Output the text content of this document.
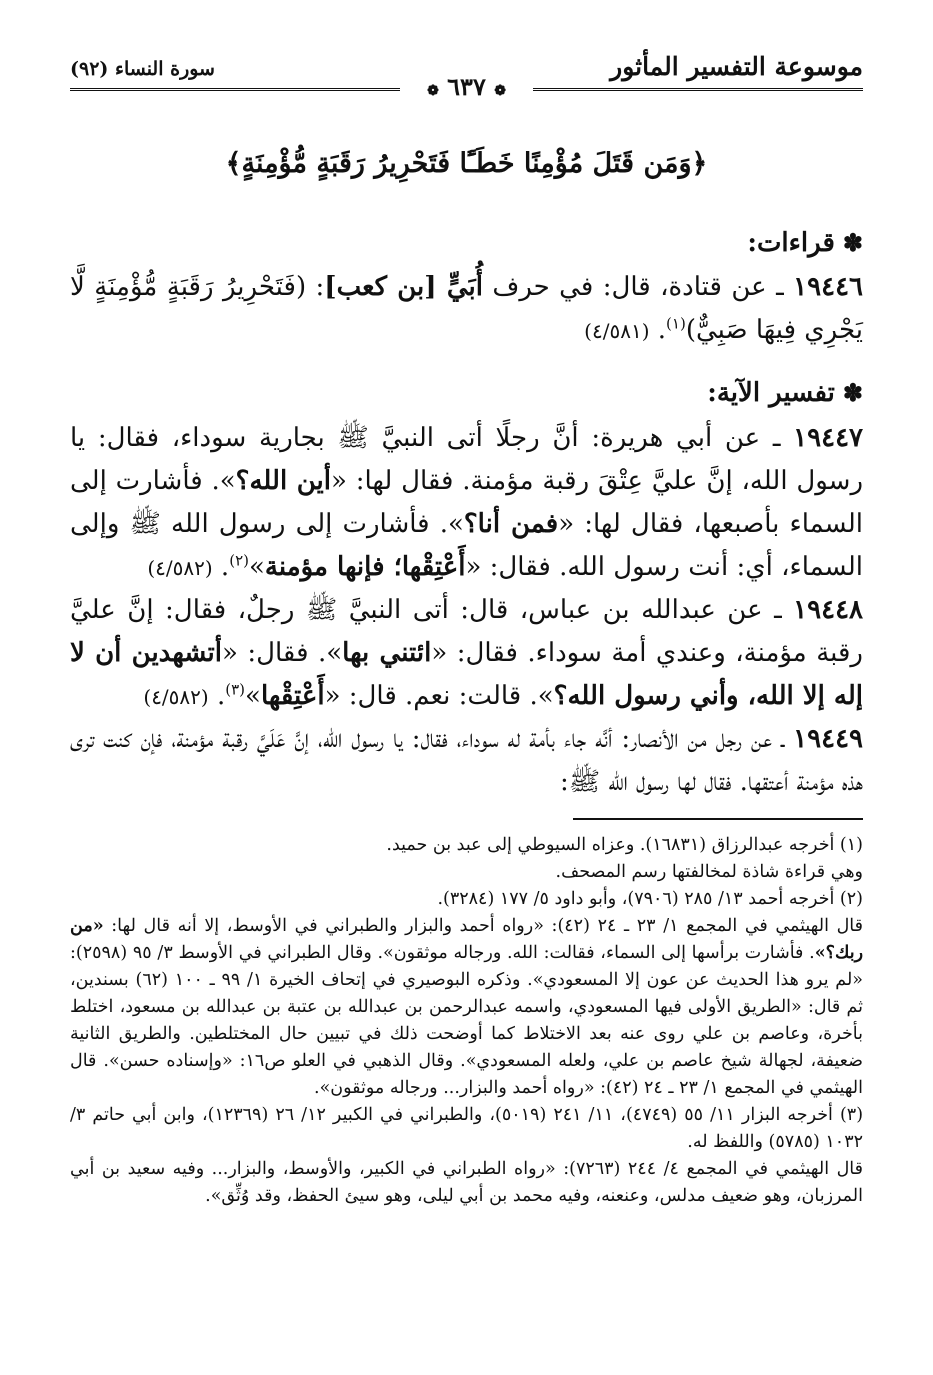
موسوعة التفسير المأثور
سورة النساء (٩٢)
❁ ٦٣٧ ❁
﴿وَمَن قَتَلَ مُؤْمِنًا خَطَـًٔا فَتَحْرِيرُ رَقَبَةٍ مُّؤْمِنَةٍ﴾
✽قراءات:
١٩٤٤٦ ـ عن قتادة، قال: في حرف أُبَيٍّ [بن كعب]: (فَتَحْرِيرُ رَقَبَةٍ مُّؤْمِنَةٍ لَّا يَجْرِي فِيهَا صَبِيٌّ)$^{(١)}$. (٤/٥٨١)
✽تفسير الآية:
١٩٤٤٧ ـ عن أبي هريرة: أنَّ رجلًا أتى النبيَّ ﷺ بجارية سوداء، فقال: يا رسول الله، إنَّ عليَّ عِتْقَ رقبة مؤمنة. فقال لها: «أين الله؟». فأشارت إلى السماء بأصبعها، فقال لها: «فمن أنا؟». فأشارت إلى رسول الله ﷺ وإلى السماء، أي: أنت رسول الله. فقال: «أَعْتِقْها؛ فإنها مؤمنة»$^{(٢)}$. (٤/٥٨٢)
١٩٤٤٨ ـ عن عبدالله بن عباس، قال: أتى النبيَّ ﷺ رجلٌ، فقال: إنَّ عليَّ رقبة مؤمنة، وعندي أمة سوداء. فقال: «ائتني بها». فقال: «أتشهدين أن لا إله إلا الله، وأني رسول الله؟». قالت: نعم. قال: «أَعْتِقْها»$^{(٣)}$. (٤/٥٨٢)
١٩٤٤٩ ـ عن رجل من الأنصار: أنَّه جاء بأمة له سوداء، فقال: يا رسول الله، إنَّ عَلَيَّ رقبة مؤمنة، فإن كنت ترى هذه مؤمنة أعتقها. فقال لها رسول الله ﷺ:
(١) أخرجه عبدالرزاق (١٦٨٣١). وعزاه السيوطي إلى عبد بن حميد.
وهي قراءة شاذة لمخالفتها رسم المصحف.
(٢) أخرجه أحمد ١٣/ ٢٨٥ (٧٩٠٦)، وأبو داود ٥/ ١٧٧ (٣٢٨٤).
قال الهيثمي في المجمع ١/ ٢٣ ـ ٢٤ (٤٢): «رواه أحمد والبزار والطبراني في الأوسط، إلا أنه قال لها: «من ربك؟». فأشارت برأسها إلى السماء، فقالت: الله. ورجاله موثقون». وقال الطبراني في الأوسط ٣/ ٩٥ (٢٥٩٨): «لم يرو هذا الحديث عن عون إلا المسعودي». وذكره البوصيري في إتحاف الخيرة ١/ ٩٩ ـ ١٠٠ (٦٢) بسندين، ثم قال: «الطريق الأولى فيها المسعودي، واسمه عبدالرحمن بن عبدالله بن عتبة بن عبدالله بن مسعود، اختلط بأخرة، وعاصم بن علي روى عنه بعد الاختلاط كما أوضحت ذلك في تبيين حال المختلطين. والطريق الثانية ضعيفة، لجهالة شيخ عاصم بن علي، ولعله المسعودي». وقال الذهبي في العلو ص١٦: «وإسناده حسن». قال الهيثمي في المجمع ١/ ٢٣ ـ ٢٤ (٤٢): «رواه أحمد والبزار... ورجاله موثقون».
(٣) أخرجه البزار ١١/ ٥٥ (٤٧٤٩)، ١١/ ٢٤١ (٥٠١٩)، والطبراني في الكبير ١٢/ ٢٦ (١٢٣٦٩)، وابن أبي حاتم ٣/ ١٠٣٢ (٥٧٨٥) واللفظ له.
قال الهيثمي في المجمع ٤/ ٢٤٤ (٧٢٦٣): «رواه الطبراني في الكبير، والأوسط، والبزار... وفيه سعيد بن أبي المرزبان، وهو ضعيف مدلس، وعنعنه، وفيه محمد بن أبي ليلى، وهو سيئ الحفظ، وقد وُثِّق».
